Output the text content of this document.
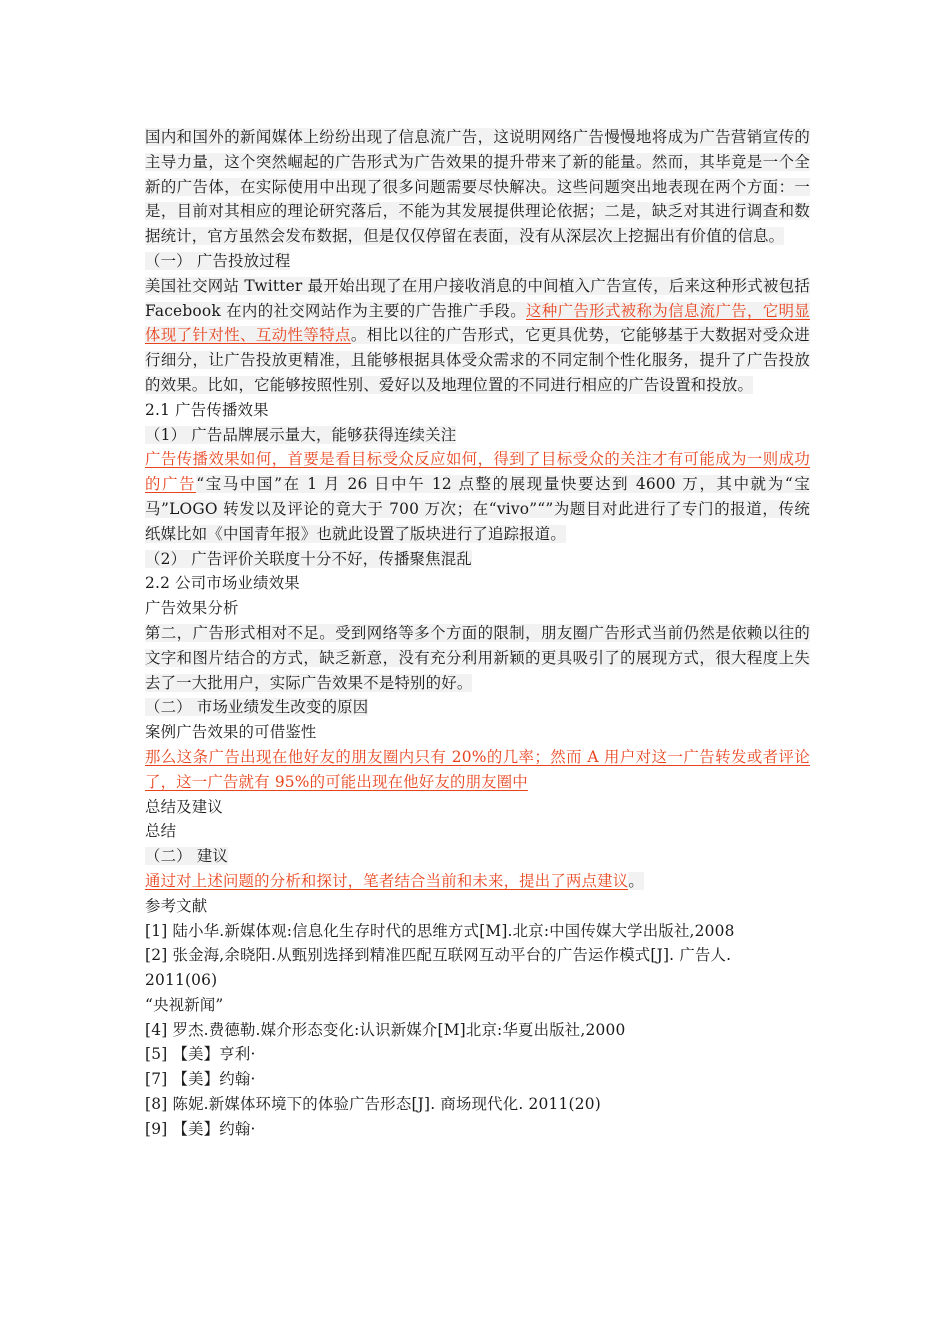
国内和国外的新闻媒体上纷纷出现了信息流广告，这说明网络广告慢慢地将成为广告营销宣传的主导力量，这个突然崛起的广告形式为广告效果的提升带来了新的能量。然而，其毕竟是一个全新的广告体，在实际使用中出现了很多问题需要尽快解决。这些问题突出地表现在两个方面：一是，目前对其相应的理论研究落后，不能为其发展提供理论依据；二是，缺乏对其进行调查和数据统计，官方虽然会发布数据，但是仅仅停留在表面，没有从深层次上挖掘出有价值的信息。
（一） 广告投放过程
美国社交网站 Twitter 最开始出现了在用户接收消息的中间植入广告宣传，后来这种形式被包括 Facebook 在内的社交网站作为主要的广告推广手段。这种广告形式被称为信息流广告，它明显体现了针对性、互动性等特点。相比以往的广告形式，它更具优势，它能够基于大数据对受众进行细分，让广告投放更精准，且能够根据具体受众需求的不同定制个性化服务，提升了广告投放的效果。比如，它能够按照性别、爱好以及地理位置的不同进行相应的广告设置和投放。
2.1 广告传播效果
（1） 广告品牌展示量大，能够获得连续关注
广告传播效果如何，首要是看目标受众反应如何，得到了目标受众的关注才有可能成为一则成功的广告“宝马中国”在 1 月 26 日中午 12 点整的展现量快要达到 4600 万，其中就为“宝马”LOGO 转发以及评论的竟大于 700 万次；在“vivo”“”为题目对此进行了专门的报道，传统纸媒比如《中国青年报》也就此设置了版块进行了追踪报道。
（2） 广告评价关联度十分不好，传播聚焦混乱
2.2 公司市场业绩效果
广告效果分析
第二，广告形式相对不足。受到网络等多个方面的限制，朋友圈广告形式当前仍然是依赖以往的文字和图片结合的方式，缺乏新意，没有充分利用新颖的更具吸引了的展现方式，很大程度上失去了一大批用户，实际广告效果不是特别的好。
（二） 市场业绩发生改变的原因
案例广告效果的可借鉴性
那么这条广告出现在他好友的朋友圈内只有 20%的几率；然而 A 用户对这一广告转发或者评论了，这一广告就有 95%的可能出现在他好友的朋友圈中
总结及建议
总结
（二） 建议
通过对上述问题的分析和探讨，笔者结合当前和未来，提出了两点建议。
参考文献
[1] 陆小华.新媒体观:信息化生存时代的思维方式[M].北京:中国传媒大学出版社,2008
[2] 张金海,余晓阳.从甄别选择到精准匹配互联网互动平台的广告运作模式[J]. 广告人.
2011(06)
“央视新闻”
[4] 罗杰.费德勒.媒介形态变化:认识新媒介[M]北京:华夏出版社,2000
[5] 【美】亨利·
[7] 【美】约翰·
[8] 陈妮.新媒体环境下的体验广告形态[J]. 商场现代化. 2011(20)
[9] 【美】约翰·
